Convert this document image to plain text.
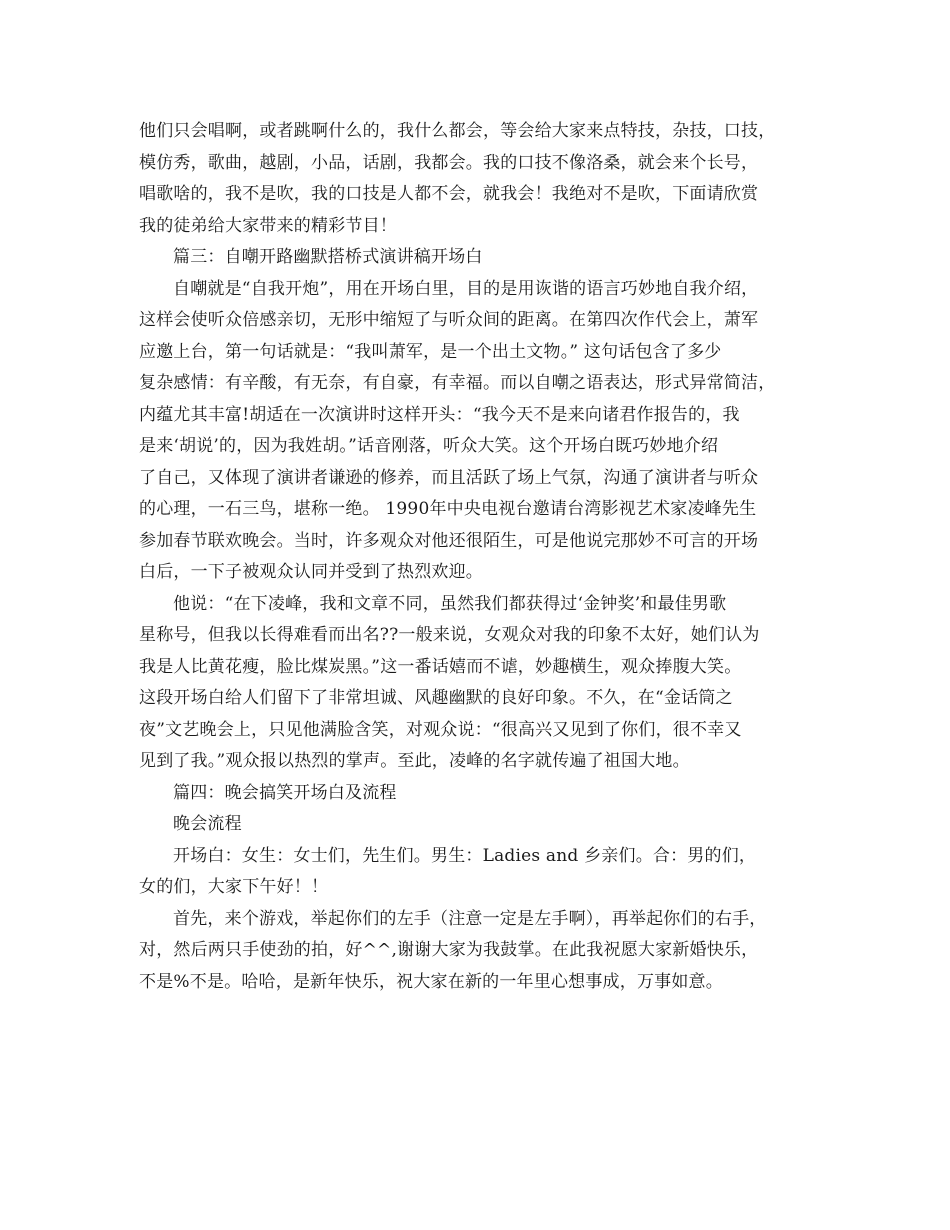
他们只会唱啊，或者跳啊什么的，我什么都会，等会给大家来点特技，杂技，口技，
模仿秀，歌曲，越剧，小品，话剧，我都会。我的口技不像洛桑，就会来个长号，
唱歌啥的，我不是吹，我的口技是人都不会，就我会！我绝对不是吹，下面请欣赏
我的徒弟给大家带来的精彩节目！
篇三：自嘲开路幽默搭桥式演讲稿开场白
自嘲就是“自我开炮”，用在开场白里，目的是用诙谐的语言巧妙地自我介绍，
这样会使听众倍感亲切，无形中缩短了与听众间的距离。在第四次作代会上，萧军
应邀上台，第一句话就是：“我叫萧军，是一个出土文物。” 这句话包含了多少
复杂感情：有辛酸，有无奈，有自豪，有幸福。而以自嘲之语表达，形式异常简洁，
内蕴尤其丰富!胡适在一次演讲时这样开头：“我今天不是来向诸君作报告的，我
是来‘胡说’的，因为我姓胡。”话音刚落，听众大笑。这个开场白既巧妙地介绍
了自己，又体现了演讲者谦逊的修养，而且活跃了场上气氛，沟通了演讲者与听众
的心理，一石三鸟，堪称一绝。 1990年中央电视台邀请台湾影视艺术家凌峰先生
参加春节联欢晚会。当时，许多观众对他还很陌生，可是他说完那妙不可言的开场
白后，一下子被观众认同并受到了热烈欢迎。
他说：“在下凌峰，我和文章不同，虽然我们都获得过‘金钟奖’和最佳男歌
星称号，但我以长得难看而出名??一般来说，女观众对我的印象不太好，她们认为
我是人比黄花瘦，脸比煤炭黑。”这一番话嬉而不谑，妙趣横生，观众捧腹大笑。
这段开场白给人们留下了非常坦诚、风趣幽默的良好印象。不久，在“金话筒之
夜”文艺晚会上，只见他满脸含笑，对观众说：“很高兴又见到了你们，很不幸又
见到了我。”观众报以热烈的掌声。至此，凌峰的名字就传遍了祖国大地。
篇四：晚会搞笑开场白及流程
晚会流程
开场白：女生：女士们，先生们。男生：Ladies and 乡亲们。合：男的们，
女的们，大家下午好！！
首先，来个游戏，举起你们的左手（注意一定是左手啊），再举起你们的右手，
对，然后两只手使劲的拍，好^^,谢谢大家为我鼓掌。在此我祝愿大家新婚快乐，
不是%不是。哈哈，是新年快乐，祝大家在新的一年里心想事成，万事如意。
